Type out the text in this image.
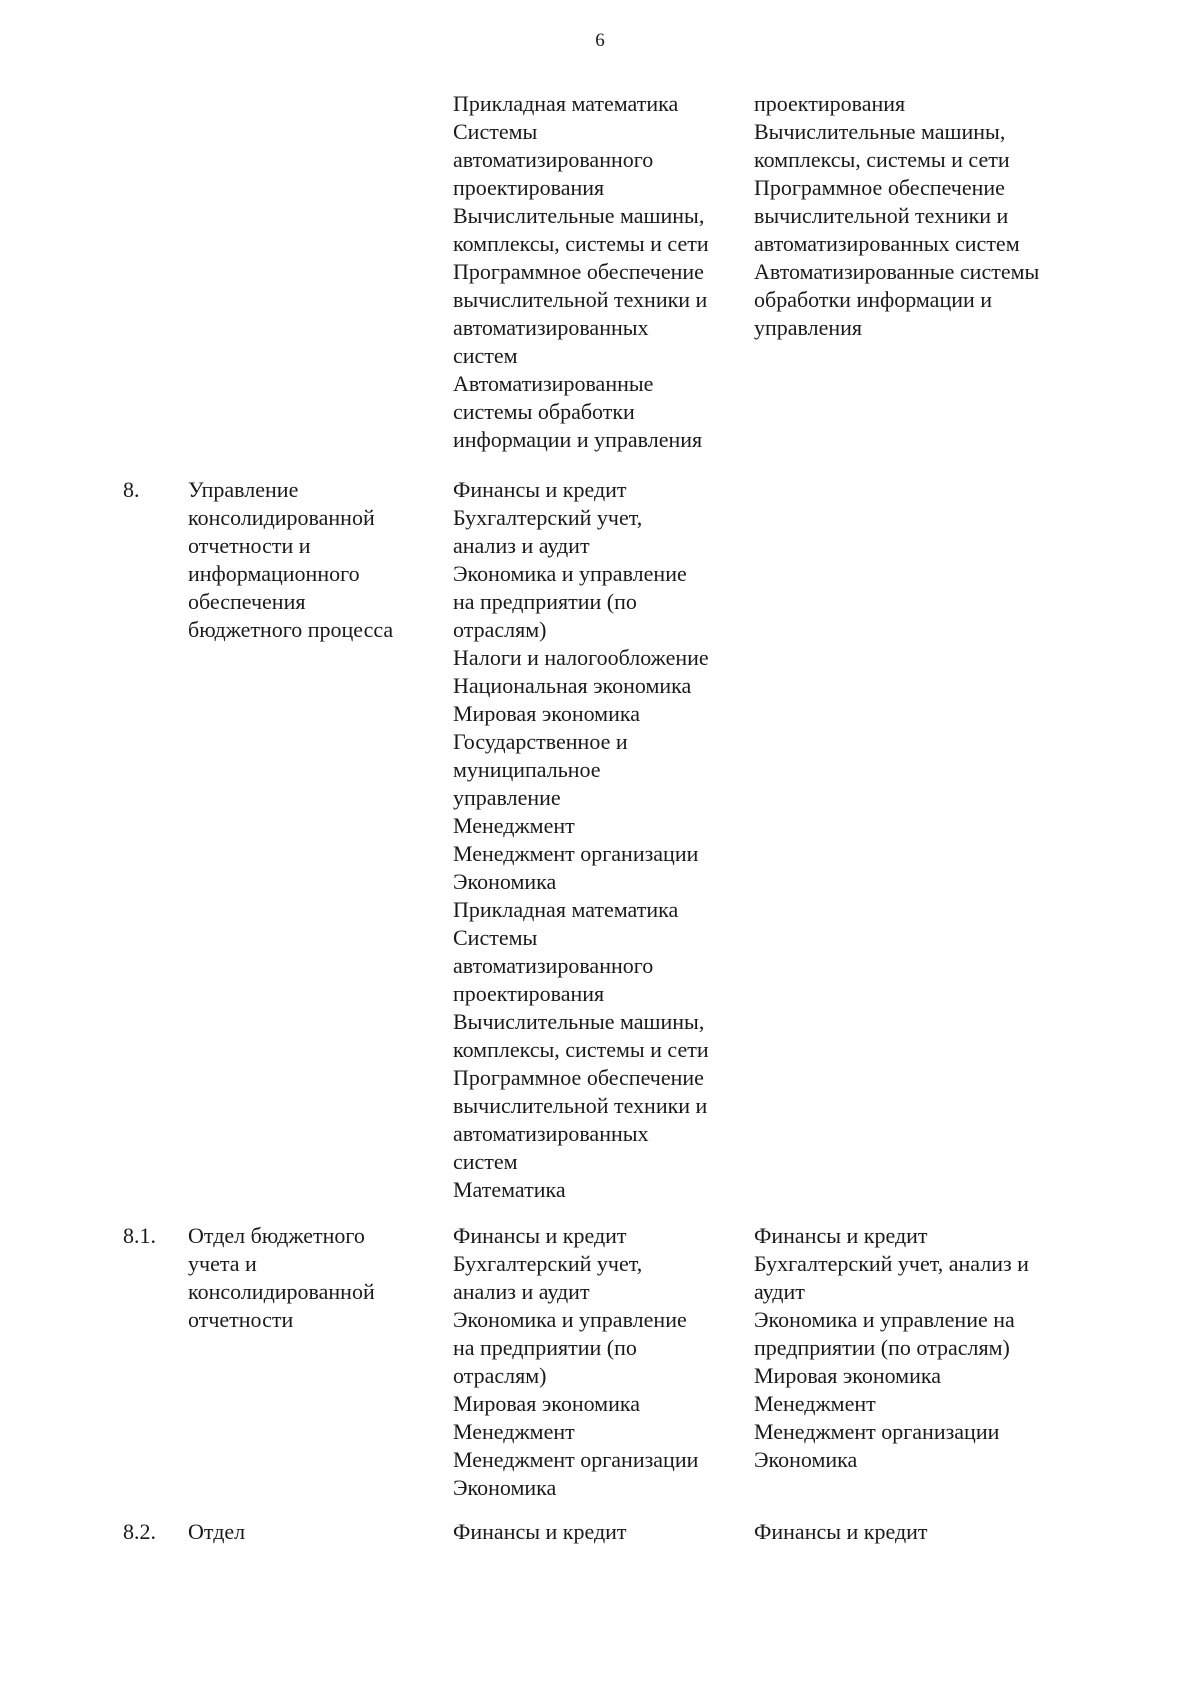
6

Прикладная математика
Системы
автоматизированного
проектирования
Вычислительные машины,
комплексы, системы и сети
Программное обеспечение
вычислительной техники и
автоматизированных
систем
Автоматизированные
системы обработки
информации и управления

проектирования
Вычислительные машины,
комплексы, системы и сети
Программное обеспечение
вычислительной техники и
автоматизированных систем
Автоматизированные системы
обработки информации и
управления

8. Управление
консолидированной
отчетности и
информационного
обеспечения
бюджетного процесса

Финансы и кредит
Бухгалтерский учет,
анализ и аудит
Экономика и управление
на предприятии (по
отраслям)
Налоги и налогообложение
Национальная экономика
Мировая экономика
Государственное и
муниципальное
управление
Менеджмент
Менеджмент организации
Экономика
Прикладная математика
Системы
автоматизированного
проектирования
Вычислительные машины,
комплексы, системы и сети
Программное обеспечение
вычислительной техники и
автоматизированных
систем
Математика

8.1. Отдел бюджетного
учета и
консолидированной
отчетности

Финансы и кредит
Бухгалтерский учет,
анализ и аудит
Экономика и управление
на предприятии (по
отраслям)
Мировая экономика
Менеджмент
Менеджмент организации
Экономика

Финансы и кредит
Бухгалтерский учет, анализ и
аудит
Экономика и управление на
предприятии (по отраслям)
Мировая экономика
Менеджмент
Менеджмент организации
Экономика

8.2. Отдел	Финансы и кредит	Финансы и кредит
